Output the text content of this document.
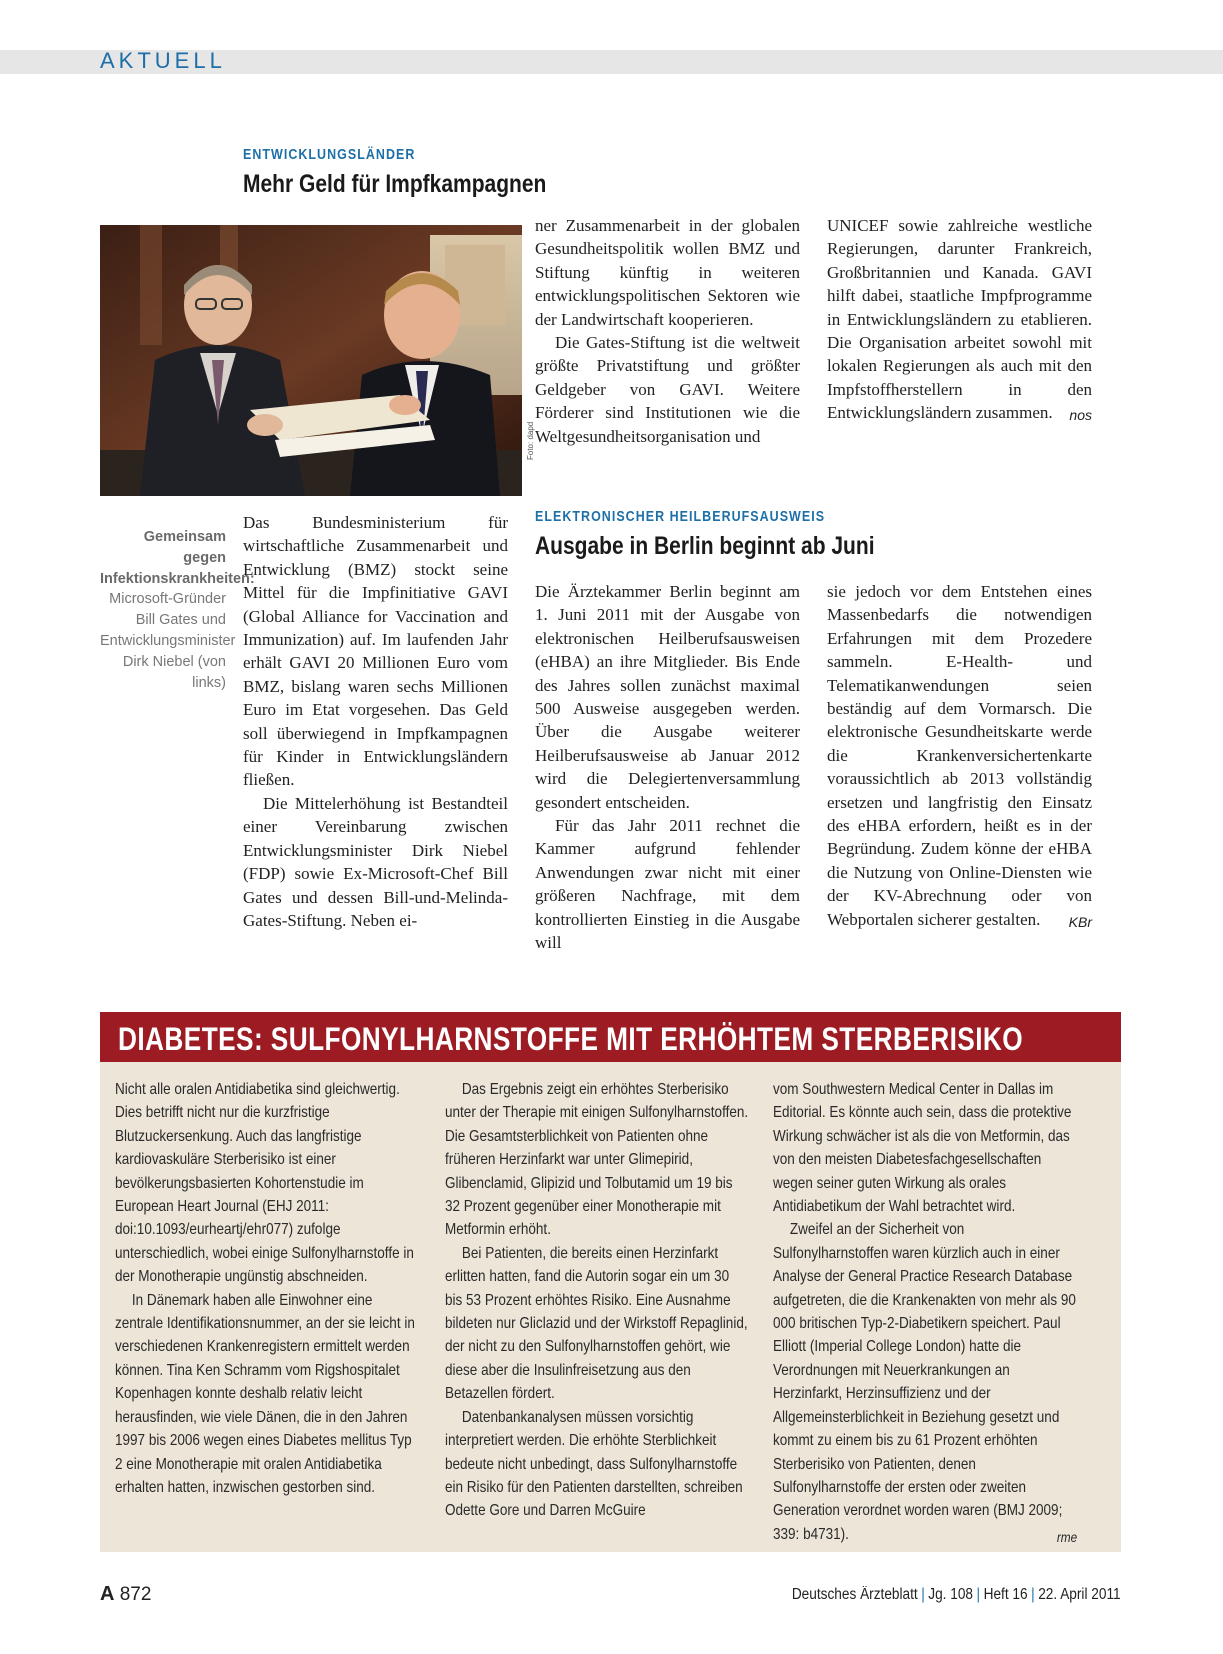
AKTUELL
ENTWICKLUNGSLÄNDER
Mehr Geld für Impfkampagnen
Foto: dapd
Gemeinsam gegen Infektionskrankheiten: Microsoft-Gründer Bill Gates und Entwicklungsminister Dirk Niebel (von links)

Das Bundesministerium für wirtschaftliche Zusammenarbeit und Entwicklung (BMZ) stockt seine Mittel für die Impfinitiative GAVI (Global Alliance for Vaccination and Immunization) auf. Im laufenden Jahr erhält GAVI 20 Millionen Euro vom BMZ, bislang waren sechs Millionen Euro im Etat vorgesehen. Das Geld soll überwiegend in Impfkampagnen für Kinder in Entwicklungsländern fließen.

Die Mittelerhöhung ist Bestandteil einer Vereinbarung zwischen Entwicklungsminister Dirk Niebel (FDP) sowie Ex-Microsoft-Chef Bill Gates und dessen Bill-und-Melinda-Gates-Stiftung. Neben ei-

ner Zusammenarbeit in der globalen Gesundheitspolitik wollen BMZ und Stiftung künftig in weiteren entwicklungspolitischen Sektoren wie der Landwirtschaft kooperieren.

Die Gates-Stiftung ist die weltweit größte Privatstiftung und größter Geldgeber von GAVI. Weitere Förderer sind Institutionen wie die Weltgesundheitsorganisation und

UNICEF sowie zahlreiche westliche Regierungen, darunter Frankreich, Großbritannien und Kanada. GAVI hilft dabei, staatliche Impfprogramme in Entwicklungsländern zu etablieren. Die Organisation arbeitet sowohl mit lokalen Regierungen als auch mit den Impfstoffherstellern in den Entwicklungsländern zusammen. nos

ELEKTRONISCHER HEILBERUFSAUSWEIS
Ausgabe in Berlin beginnt ab Juni

Die Ärztekammer Berlin beginnt am 1. Juni 2011 mit der Ausgabe von elektronischen Heilberufsausweisen (eHBA) an ihre Mitglieder. Bis Ende des Jahres sollen zunächst maximal 500 Ausweise ausgegeben werden. Über die Ausgabe weiterer Heilberufsausweise ab Januar 2012 wird die Delegiertenversammlung gesondert entscheiden.

Für das Jahr 2011 rechnet die Kammer aufgrund fehlender Anwendungen zwar nicht mit einer größeren Nachfrage, mit dem kontrollierten Einstieg in die Ausgabe will

sie jedoch vor dem Entstehen eines Massenbedarfs die notwendigen Erfahrungen mit dem Prozedere sammeln. E-Health- und Telematikanwendungen seien beständig auf dem Vormarsch. Die elektronische Gesundheitskarte werde die Krankenversichertenkarte voraussichtlich ab 2013 vollständig ersetzen und langfristig den Einsatz des eHBA erfordern, heißt es in der Begründung. Zudem könne der eHBA die Nutzung von Online-Diensten wie der KV-Abrechnung oder von Webportalen sicherer gestalten. KBr

DIABETES: SULFONYLHARNSTOFFE MIT ERHÖHTEM STERBERISIKO

Nicht alle oralen Antidiabetika sind gleichwertig. Dies betrifft nicht nur die kurzfristige Blutzuckersenkung. Auch das langfristige kardiovaskuläre Sterberisiko ist einer bevölkerungsbasierten Kohortenstudie im European Heart Journal (EHJ 2011: doi:10.1093/eurheartj/ehr077) zufolge unterschiedlich, wobei einige Sulfonylharnstoffe in der Monotherapie ungünstig abschneiden.

In Dänemark haben alle Einwohner eine zentrale Identifikationsnummer, an der sie leicht in verschiedenen Krankenregistern ermittelt werden können. Tina Ken Schramm vom Rigshospitalet Kopenhagen konnte deshalb relativ leicht herausfinden, wie viele Dänen, die in den Jahren 1997 bis 2006 wegen eines Diabetes mellitus Typ 2 eine Monotherapie mit oralen Antidiabetika erhalten hatten, inzwischen gestorben sind.

Das Ergebnis zeigt ein erhöhtes Sterberisiko unter der Therapie mit einigen Sulfonylharnstoffen. Die Gesamtsterblichkeit von Patienten ohne früheren Herzinfarkt war unter Glimepirid, Glibenclamid, Glipizid und Tolbutamid um 19 bis 32 Prozent gegenüber einer Monotherapie mit Metformin erhöht.

Bei Patienten, die bereits einen Herzinfarkt erlitten hatten, fand die Autorin sogar ein um 30 bis 53 Prozent erhöhtes Risiko. Eine Ausnahme bildeten nur Gliclazid und der Wirkstoff Repaglinid, der nicht zu den Sulfonylharnstoffen gehört, wie diese aber die Insulinfreisetzung aus den Betazellen fördert.

Datenbankanalysen müssen vorsichtig interpretiert werden. Die erhöhte Sterblichkeit bedeute nicht unbedingt, dass Sulfonylharnstoffe ein Risiko für den Patienten darstellten, schreiben Odette Gore und Darren McGuire

vom Southwestern Medical Center in Dallas im Editorial. Es könnte auch sein, dass die protektive Wirkung schwächer ist als die von Metformin, das von den meisten Diabetesfachgesellschaften wegen seiner guten Wirkung als orales Antidiabetikum der Wahl betrachtet wird.

Zweifel an der Sicherheit von Sulfonylharnstoffen waren kürzlich auch in einer Analyse der General Practice Research Database aufgetreten, die die Krankenakten von mehr als 90 000 britischen Typ-2-Diabetikern speichert. Paul Elliott (Imperial College London) hatte die Verordnungen mit Neuerkrankungen an Herzinfarkt, Herzinsuffizienz und der Allgemeinsterblichkeit in Beziehung gesetzt und kommt zu einem bis zu 61 Prozent erhöhten Sterberisiko von Patienten, denen Sulfonylharnstoffe der ersten oder zweiten Generation verordnet worden waren (BMJ 2009; 339: b4731).	rme

A 872	Deutsches Ärzteblatt | Jg. 108 | Heft 16 | 22. April 2011
